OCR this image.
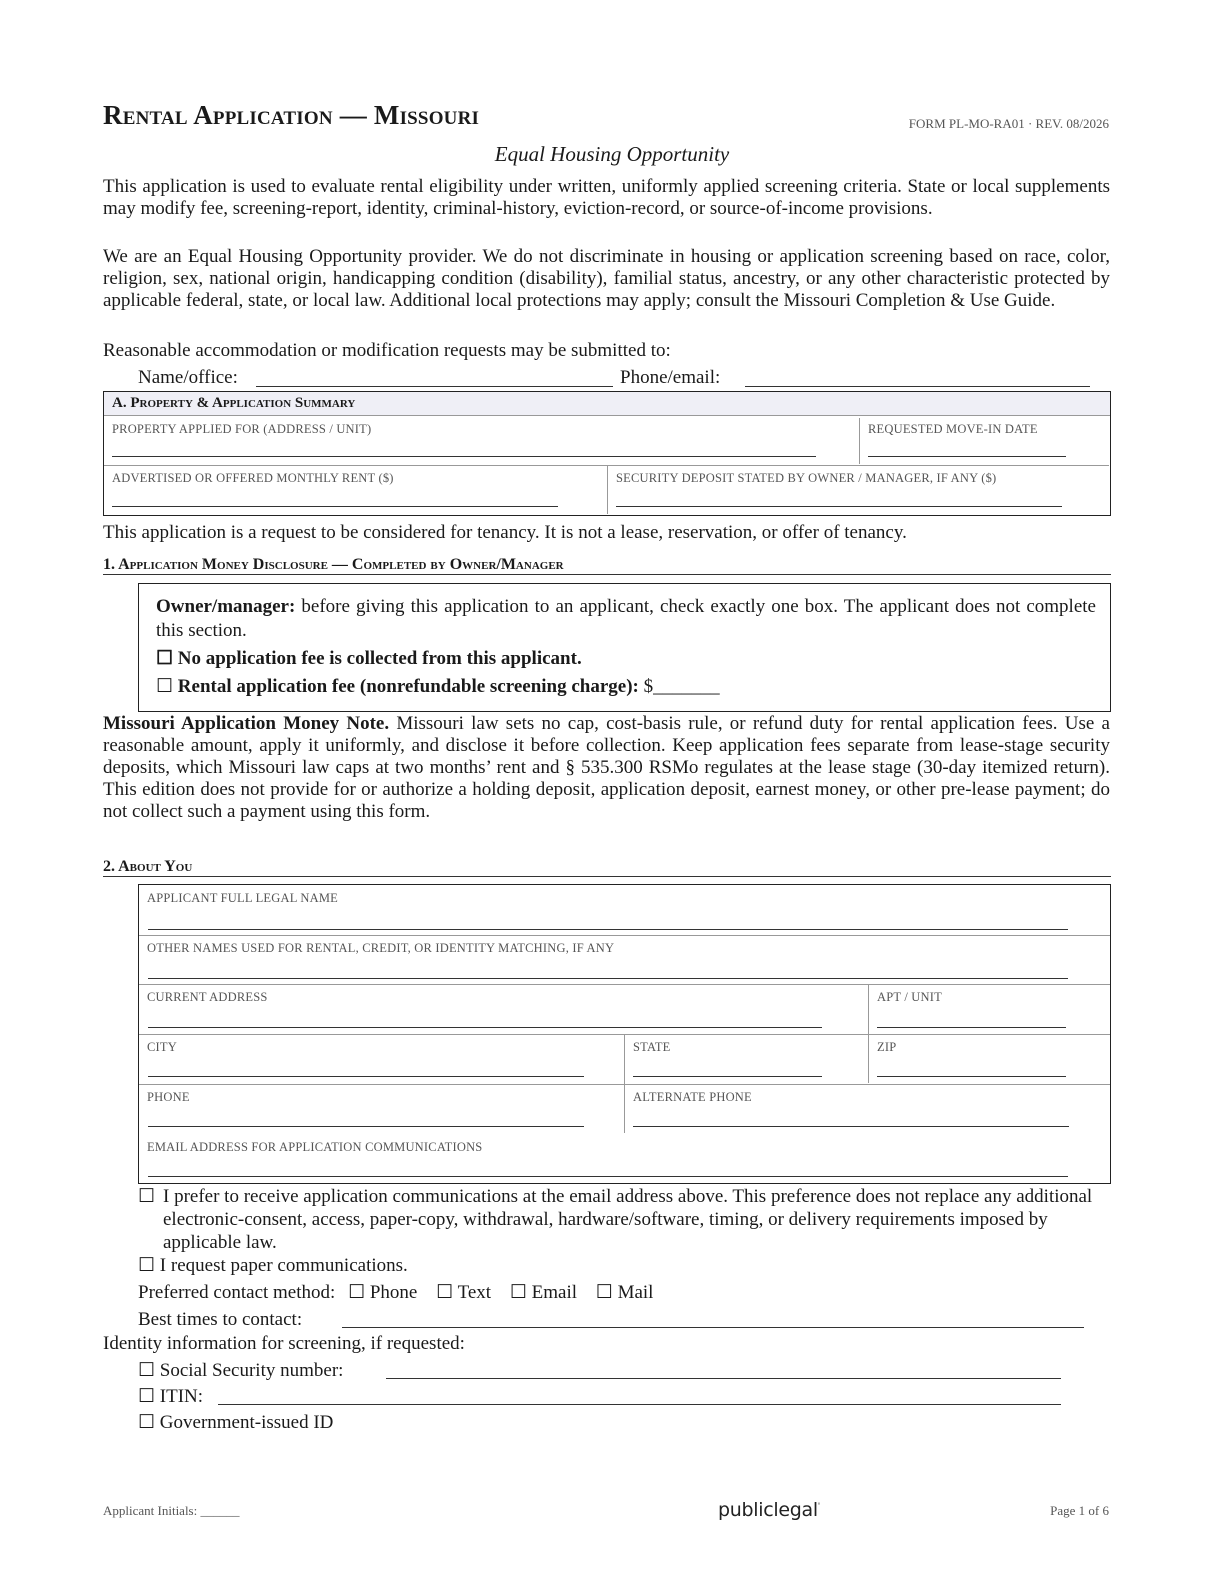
Rental Application — Missouri	FORM PL-MO-RA01 · REV. 08/2026
Equal Housing Opportunity
This application is used to evaluate rental eligibility under written, uniformly applied screening criteria. State or local supplements may modify fee, screening-report, identity, criminal-history, eviction-record, or source-of-income provisions.
We are an Equal Housing Opportunity provider. We do not discriminate in housing or application screening based on race, color, religion, sex, national origin, handicapping condition (disability), familial status, ancestry, or any other characteristic protected by applicable federal, state, or local law. Additional local protections may apply; consult the Missouri Completion & Use Guide.
Reasonable accommodation or modification requests may be submitted to:
Name/office:	Phone/email:
A. Property & Application Summary
PROPERTY APPLIED FOR (ADDRESS / UNIT)	REQUESTED MOVE-IN DATE
ADVERTISED OR OFFERED MONTHLY RENT ($)	SECURITY DEPOSIT STATED BY OWNER / MANAGER, IF ANY ($)
This application is a request to be considered for tenancy. It is not a lease, reservation, or offer of tenancy.
1. Application Money Disclosure — Completed by Owner/Manager
Owner/manager: before giving this application to an applicant, check exactly one box. The applicant does not complete this section.
☐ No application fee is collected from this applicant.
☐ Rental application fee (nonrefundable screening charge): $_______
Missouri Application Money Note. Missouri law sets no cap, cost-basis rule, or refund duty for rental application fees. Use a reasonable amount, apply it uniformly, and disclose it before collection. Keep application fees separate from lease-stage security deposits, which Missouri law caps at two months’ rent and § 535.300 RSMo regulates at the lease stage (30-day itemized return). This edition does not provide for or authorize a holding deposit, application deposit, earnest money, or other pre-lease payment; do not collect such a payment using this form.
2. About You
APPLICANT FULL LEGAL NAME
OTHER NAMES USED FOR RENTAL, CREDIT, OR IDENTITY MATCHING, IF ANY
CURRENT ADDRESS	APT / UNIT
CITY	STATE	ZIP
PHONE	ALTERNATE PHONE
EMAIL ADDRESS FOR APPLICATION COMMUNICATIONS
☐ I prefer to receive application communications at the email address above. This preference does not replace any additional electronic-consent, access, paper-copy, withdrawal, hardware/software, timing, or delivery requirements imposed by applicable law.
☐ I request paper communications.
Preferred contact method: ☐ Phone ☐ Text ☐ Email ☐ Mail
Best times to contact:
Identity information for screening, if requested:
☐ Social Security number:
☐ ITIN:
☐ Government-issued ID
Applicant Initials: ______	publiclegal'	Page 1 of 6
